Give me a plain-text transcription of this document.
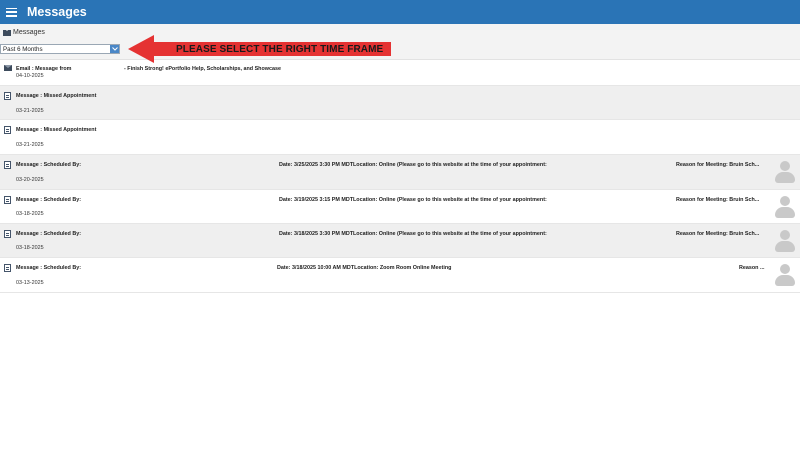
Messages
Messages
Past 6 Months	PLEASE SELECT THE RIGHT TIME FRAME
Email : Message from	- Finish Strong! ePortfolio Help, Scholarships, and Showcase
04-10-2025
Message : Missed Appointment
03-21-2025
Message : Missed Appointment
03-21-2025
Message : Scheduled By:	Date: 3/25/2025 3:30 PM MDTLocation: Online (Please go to this website at the time of your appointment:	Reason for Meeting: Bruin Sch...
03-20-2025
Message : Scheduled By:	Date: 3/19/2025 3:15 PM MDTLocation: Online (Please go to this website at the time of your appointment:	Reason for Meeting: Bruin Sch...
03-18-2025
Message : Scheduled By:	Date: 3/18/2025 3:30 PM MDTLocation: Online (Please go to this website at the time of your appointment:	Reason for Meeting: Bruin Sch...
03-18-2025
Message : Scheduled By:	Date: 3/18/2025 10:00 AM MDTLocation: Zoom Room Online Meeting	Reason ...
03-13-2025
